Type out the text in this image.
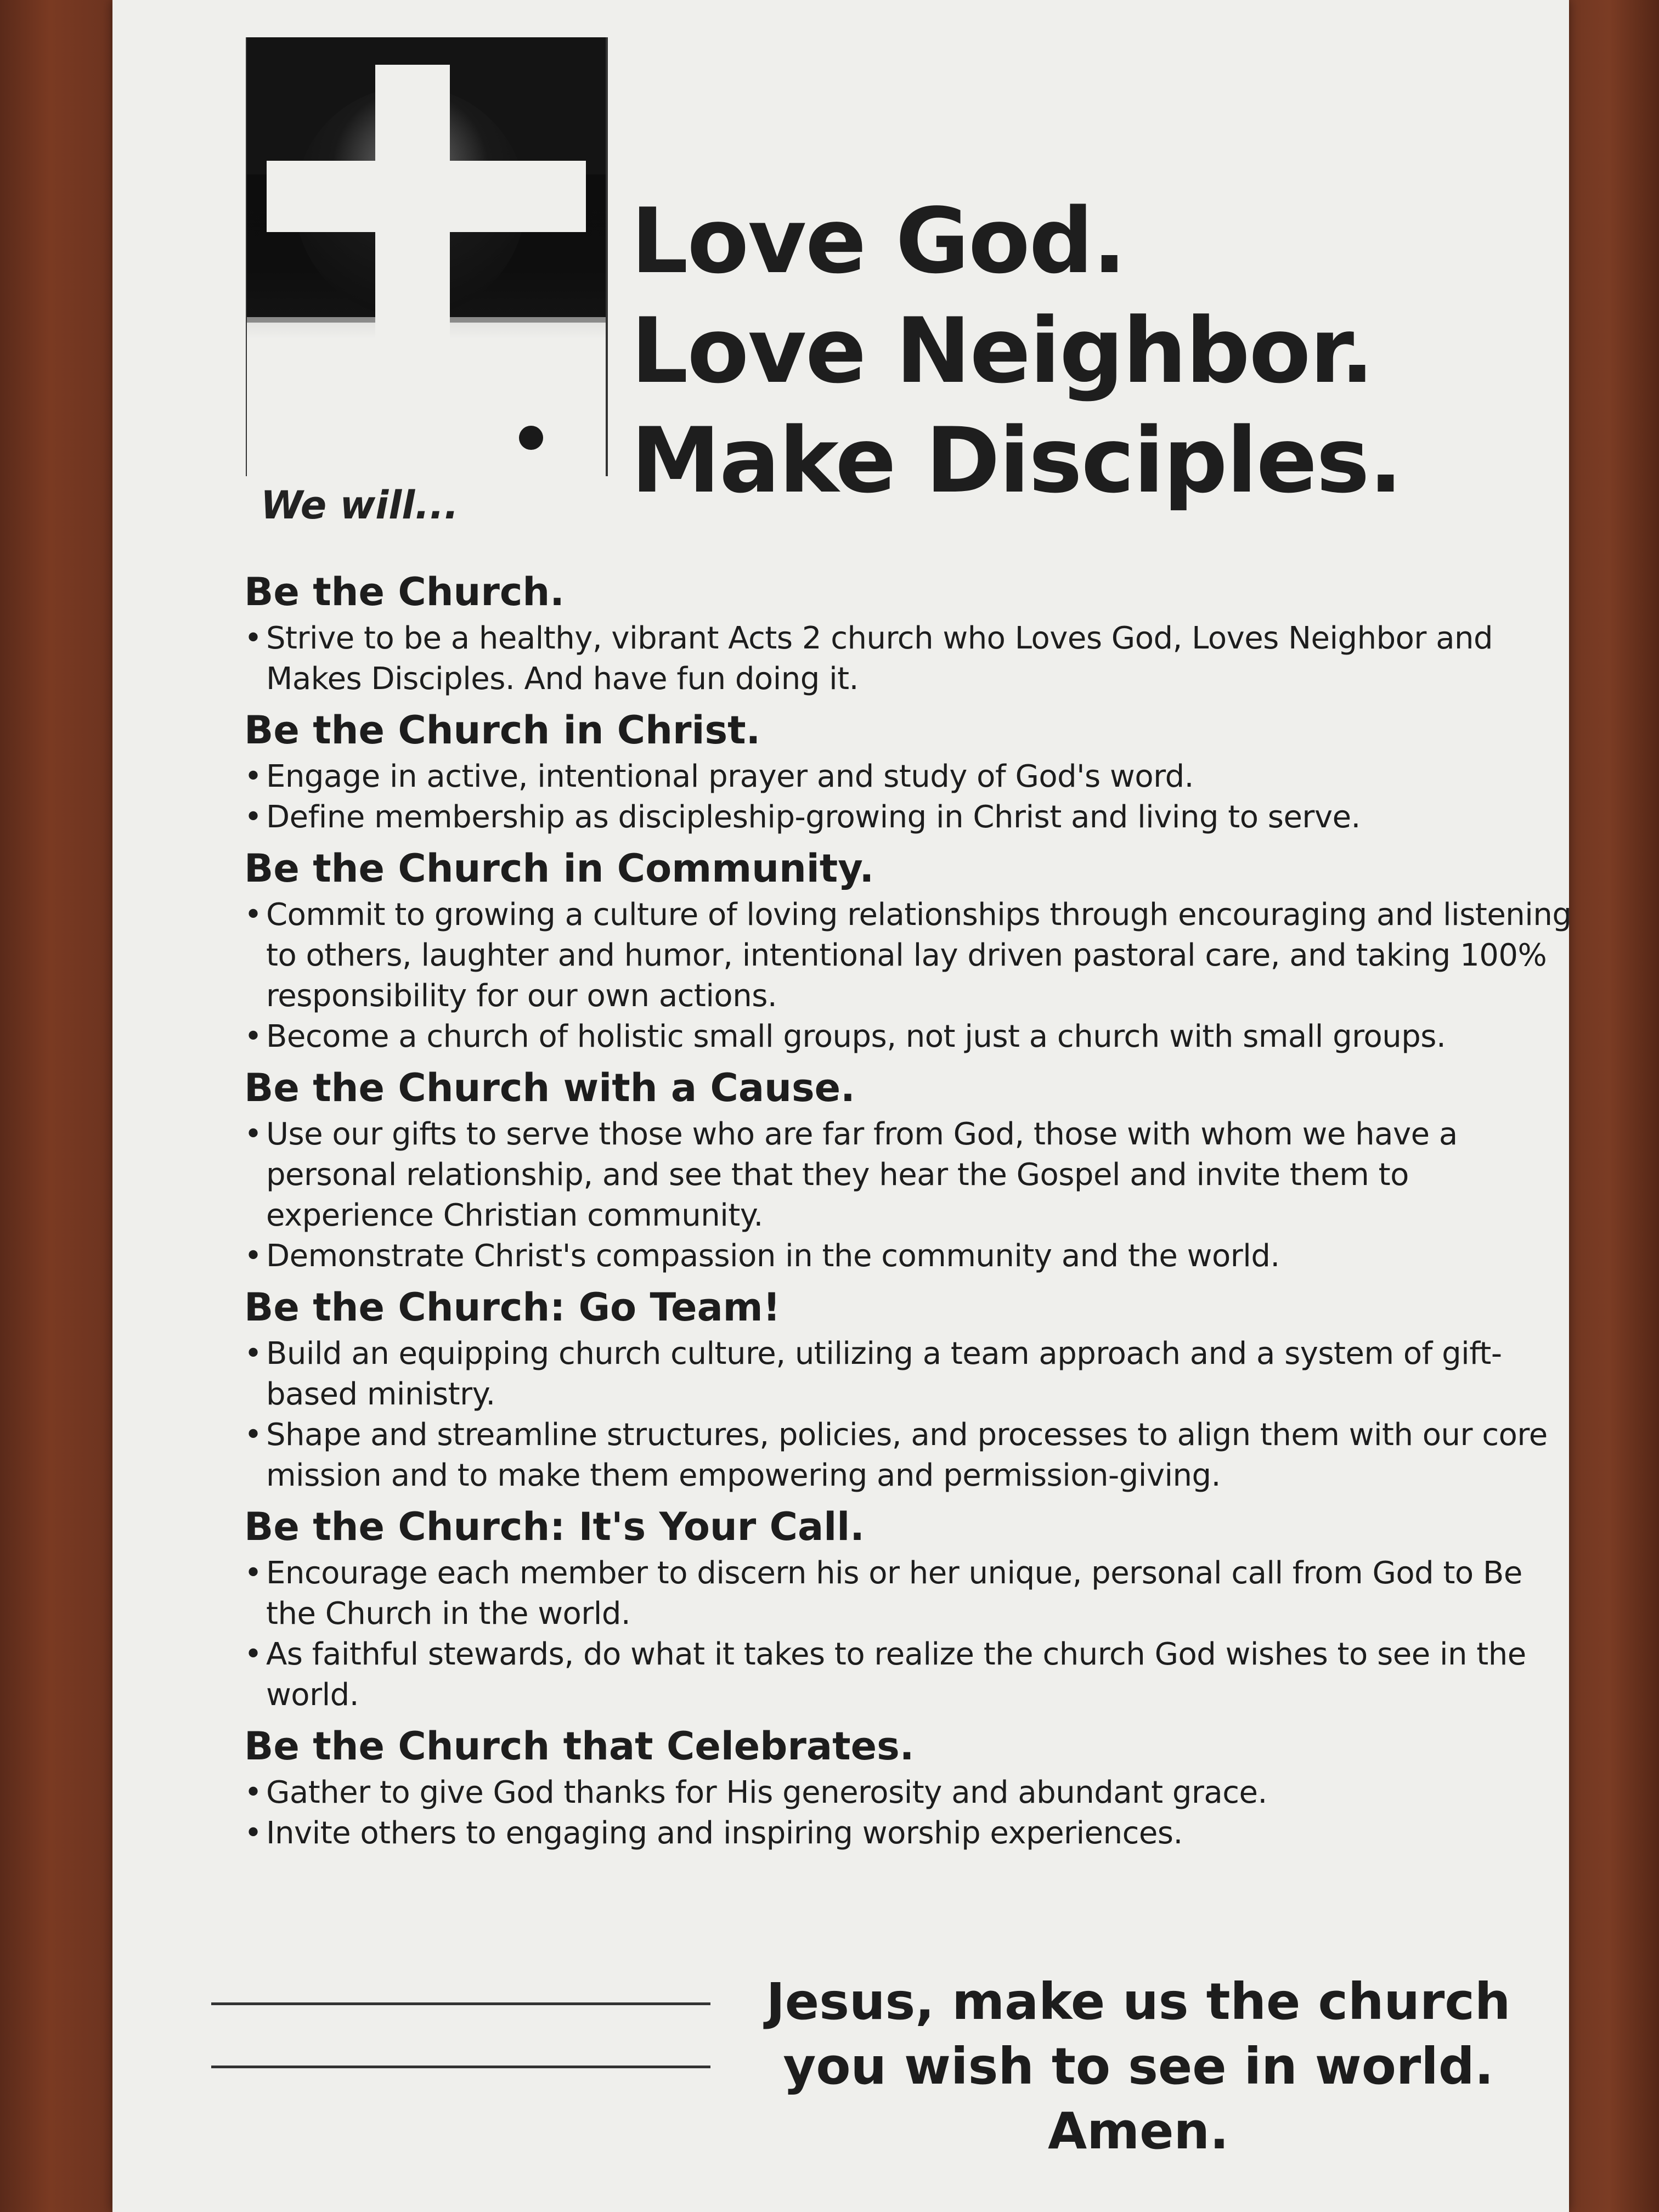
Love God.
Love Neighbor.
Make Disciples.
We will...
Be the Church.
• Strive to be a healthy, vibrant Acts 2 church who Loves God, Loves Neighbor and Makes Disciples. And have fun doing it.
Be the Church in Christ.
• Engage in active, intentional prayer and study of God's word.
• Define membership as discipleship-growing in Christ and living to serve.
Be the Church in Community.
• Commit to growing a culture of loving relationships through encouraging and listening to others, laughter and humor, intentional lay driven pastoral care, and taking 100% responsibility for our own actions.
• Become a church of holistic small groups, not just a church with small groups.
Be the Church with a Cause.
• Use our gifts to serve those who are far from God, those with whom we have a personal relationship, and see that they hear the Gospel and invite them to experience Christian community.
• Demonstrate Christ's compassion in the community and the world.
Be the Church: Go Team!
• Build an equipping church culture, utilizing a team approach and a system of gift-based ministry.
• Shape and streamline structures, policies, and processes to align them with our core mission and to make them empowering and permission-giving.
Be the Church: It's Your Call.
• Encourage each member to discern his or her unique, personal call from God to Be the Church in the world.
• As faithful stewards, do what it takes to realize the church God wishes to see in the world.
Be the Church that Celebrates.
• Gather to give God thanks for His generosity and abundant grace.
• Invite others to engaging and inspiring worship experiences.
Jesus, make us the church you wish to see in world. Amen.
